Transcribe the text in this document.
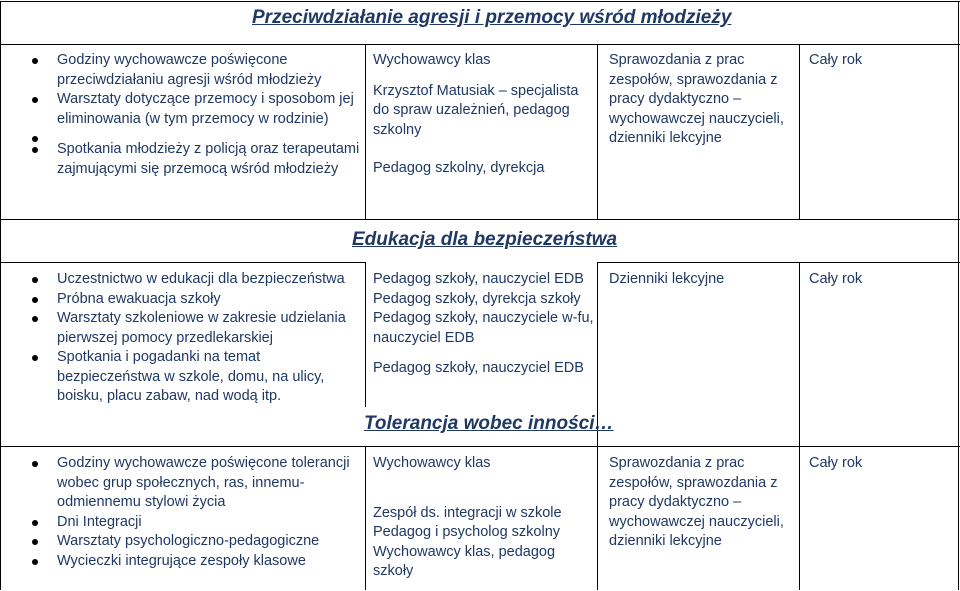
Przeciwdziałanie agresji i przemocy wśród młodzieży
Godziny wychowawcze poświęcone przeciwdziałaniu agresji wśród młodzieży
Warsztaty dotyczące przemocy i sposobom jej eliminowania (w tym przemocy w rodzinie)
Spotkania młodzieży z policją oraz terapeutami zajmującymi się przemocą wśród młodzieży
Wychowawcy klas
Krzysztof Matusiak – specjalista do spraw uzależnień, pedagog szkolny
Pedagog szkolny, dyrekcja
Sprawozdania z prac zespołów, sprawozdania z pracy dydaktyczno – wychowawczej nauczycieli, dzienniki lekcyjne
Cały rok
Edukacja dla bezpieczeństwa
Uczestnictwo w edukacji dla bezpieczeństwa
Próbna ewakuacja szkoły
Warsztaty szkoleniowe w zakresie udzielania pierwszej pomocy przedlekarskiej
Spotkania i pogadanki na temat bezpieczeństwa w szkole, domu, na ulicy, boisku, placu zabaw, nad wodą itp.
Pedagog szkoły, nauczyciel EDB
Pedagog szkoły, dyrekcja szkoły
Pedagog szkoły, nauczyciele w-fu, nauczyciel EDB
Pedagog szkoły, nauczyciel EDB
Dzienniki lekcyjne	Cały rok
Tolerancja wobec inności…
Godziny wychowawcze poświęcone tolerancji wobec grup społecznych, ras, innemu-odmiennemu stylowi życia
Dni Integracji
Warsztaty psychologiczno-pedagogiczne
Wycieczki integrujące zespoły klasowe
Wychowawcy klas
Zespół ds. integracji w szkole
Pedagog i psycholog szkolny
Wychowawcy klas, pedagog szkoły
Sprawozdania z prac zespołów, sprawozdania z pracy dydaktyczno – wychowawczej nauczycieli, dzienniki lekcyjne
Cały rok
